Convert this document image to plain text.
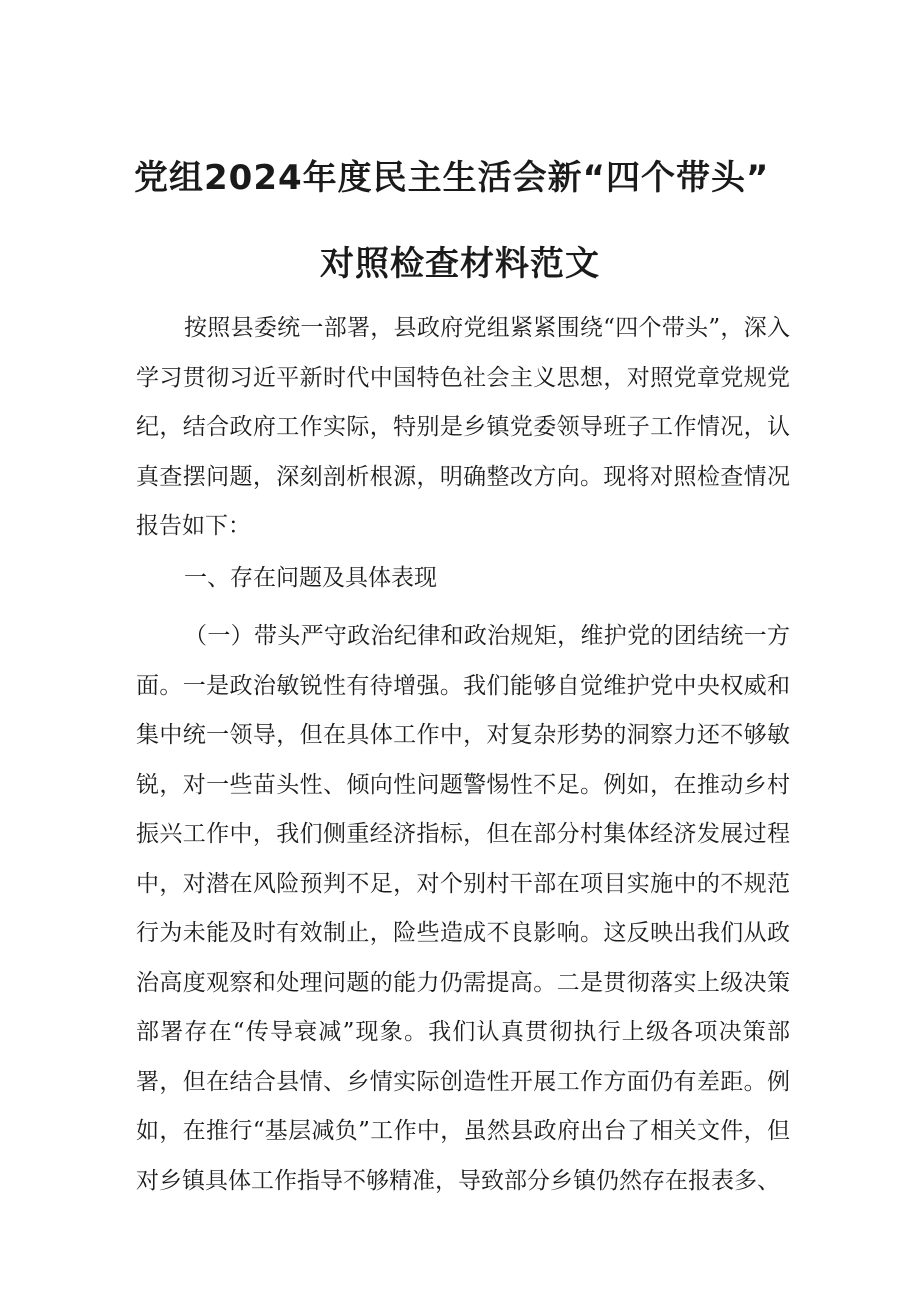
党组2024年度民主生活会新“四个带头”
对照检查材料范文

按照县委统一部署，县政府党组紧紧围绕“四个带头”，深入学习贯彻习近平新时代中国特色社会主义思想，对照党章党规党纪，结合政府工作实际，特别是乡镇党委领导班子工作情况，认真查摆问题，深刻剖析根源，明确整改方向。现将对照检查情况报告如下：

一、存在问题及具体表现

（一）带头严守政治纪律和政治规矩，维护党的团结统一方面。一是政治敏锐性有待增强。我们能够自觉维护党中央权威和集中统一领导，但在具体工作中，对复杂形势的洞察力还不够敏锐，对一些苗头性、倾向性问题警惕性不足。例如，在推动乡村振兴工作中，我们侧重经济指标，但在部分村集体经济发展过程中，对潜在风险预判不足，对个别村干部在项目实施中的不规范行为未能及时有效制止，险些造成不良影响。这反映出我们从政治高度观察和处理问题的能力仍需提高。二是贯彻落实上级决策部署存在“传导衰减”现象。我们认真贯彻执行上级各项决策部署，但在结合县情、乡情实际创造性开展工作方面仍有差距。例如，在推行“基层减负”工作中，虽然县政府出台了相关文件，但对乡镇具体工作指导不够精准，导致部分乡镇仍然存在报表多、
